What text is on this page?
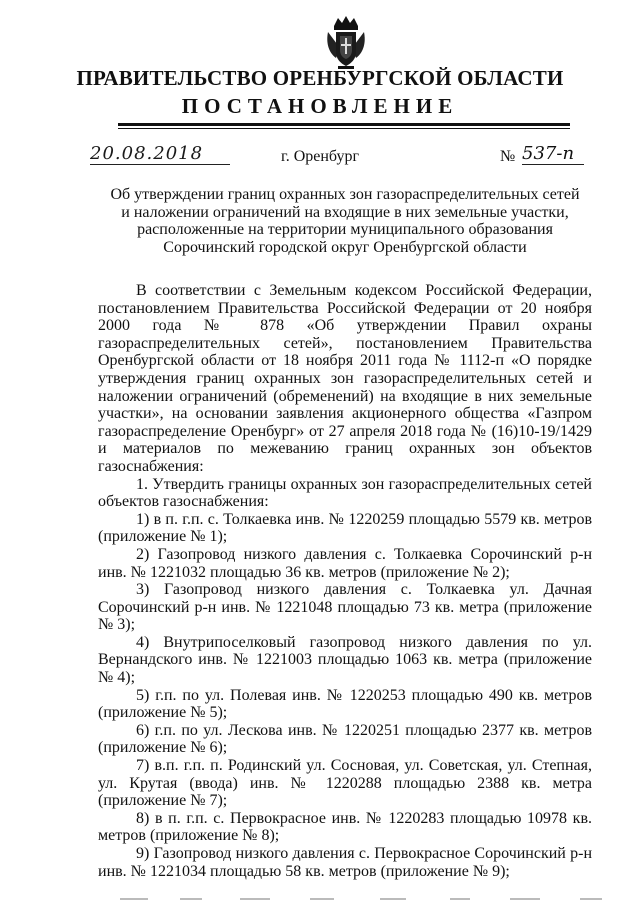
ПРАВИТЕЛЬСТВО ОРЕНБУРГСКОЙ ОБЛАСТИ
ПОСТАНОВЛЕНИЕ
20.08.2018	г. Оренбург	№ 537-п
Об утверждении границ охранных зон газораспределительных сетей
и наложении ограничений на входящие в них земельные участки,
расположенные на территории муниципального образования
Сорочинский городской округ Оренбургской области

В соответствии с Земельным кодексом Российской Федерации, постановлением Правительства Российской Федерации от 20 ноября 2000 года № 878 «Об утверждении Правил охраны газораспределительных сетей», постановлением Правительства Оренбургской области от 18 ноября 2011 года № 1112-п «О порядке утверждения границ охранных зон газораспределительных сетей и наложении ограничений (обременений) на входящие в них земельные участки», на основании заявления акционерного общества «Газпром газораспределение Оренбург» от 27 апреля 2018 года № (16)10-19/1429 и материалов по межеванию границ охранных зон объектов газоснабжения:

1. Утвердить границы охранных зон газораспределительных сетей объектов газоснабжения:

1) в п. г.п. с. Толкаевка инв. № 1220259 площадью 5579 кв. метров (приложение № 1);

2) Газопровод низкого давления с. Толкаевка Сорочинский р-н инв. № 1221032 площадью 36 кв. метров (приложение № 2);

3) Газопровод низкого давления с. Толкаевка ул. Дачная Сорочинский р-н инв. № 1221048 площадью 73 кв. метра (приложение № 3);

4) Внутрипоселковый газопровод низкого давления по ул. Вернандского инв. № 1221003 площадью 1063 кв. метра (приложение № 4);

5) г.п. по ул. Полевая инв. № 1220253 площадью 490 кв. метров (приложение № 5);

6) г.п. по ул. Лескова инв. № 1220251 площадью 2377 кв. метров (приложение № 6);

7) в.п. г.п. п. Родинский ул. Сосновая, ул. Советская, ул. Степная, ул. Крутая (ввода) инв. № 1220288 площадью 2388 кв. метра (приложение № 7);

8) в п. г.п. с. Первокрасное инв. № 1220283 площадью 10978 кв. метров (приложение № 8);

9) Газопровод низкого давления с. Первокрасное Сорочинский р-н инв. № 1221034 площадью 58 кв. метров (приложение № 9);
